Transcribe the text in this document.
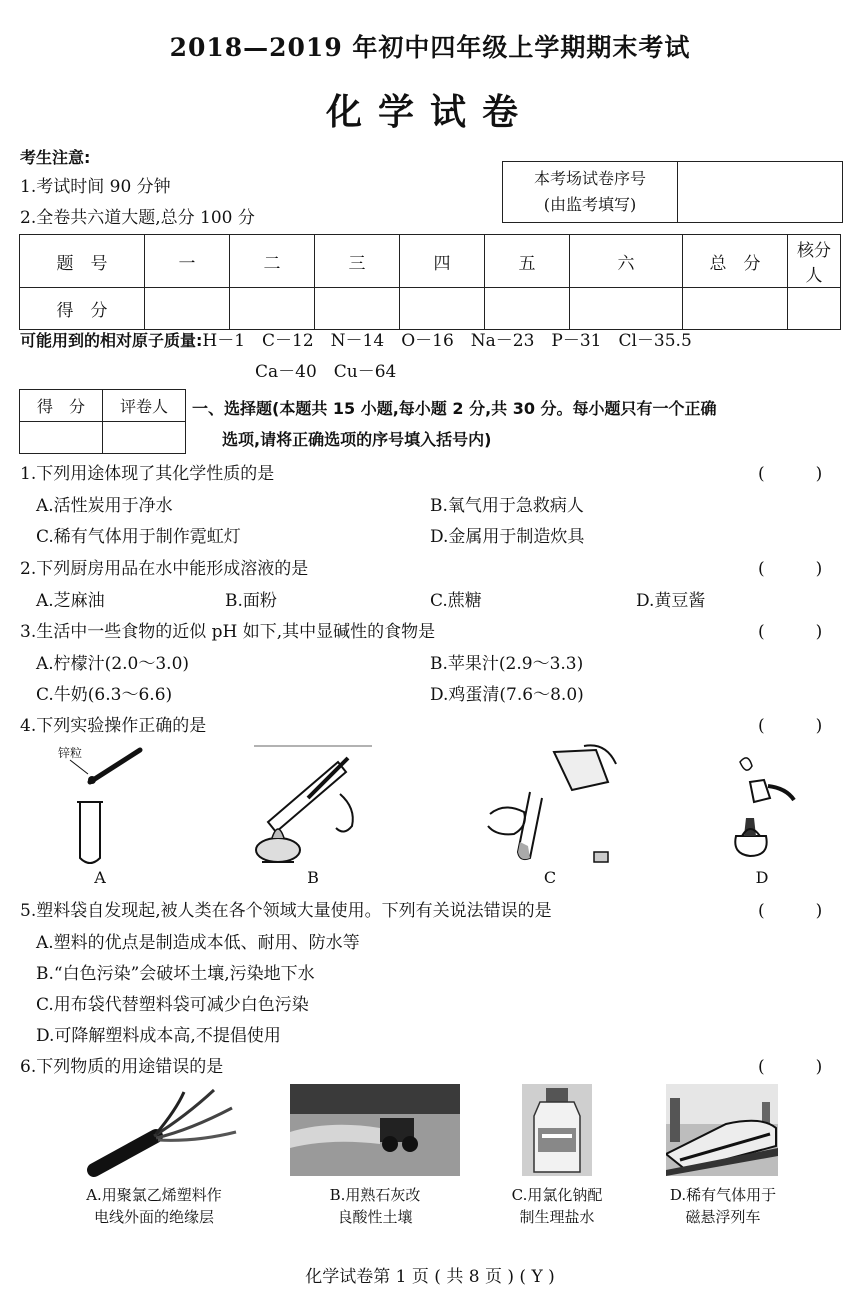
2018—2019 年初中四年级上学期期末考试
化学试卷
考生注意:
1.考试时间 90 分钟
2.全卷共六道大题,总分 100 分
本考场试卷序号
(由监考填写)

题　号	一	二	三	四	五	六	总　分	核分人
得　分								
可能用到的相对原子质量:H－1　C－12　N－14　O－16　Na－23　P－31　Cl－35.5
Ca－40　Cu－64
得　分	评卷人
	一、选择题(本题共 15 小题,每小题 2 分,共 30 分。每小题只有一个正确
选项,请将正确选项的序号填入括号内)
1.下列用途体现了其化学性质的是	(　　　)
A.活性炭用于净水	B.氧气用于急救病人
C.稀有气体用于制作霓虹灯	D.金属用于制造炊具
2.下列厨房用品在水中能形成溶液的是	(　　　)
A.芝麻油	B.面粉	C.蔗糖	D.黄豆酱
3.生活中一些食物的近似 pH 如下,其中显碱性的食物是	(　　　)
A.柠檬汁(2.0～3.0)	B.苹果汁(2.9～3.3)
C.牛奶(6.3～6.6)	D.鸡蛋清(7.6～8.0)
4.下列实验操作正确的是	(　　　)
锌粒
A	B	C	D
5.塑料袋自发现起,被人类在各个领域大量使用。下列有关说法错误的是	(　　　)
A.塑料的优点是制造成本低、耐用、防水等
B.“白色污染”会破坏土壤,污染地下水
C.用布袋代替塑料袋可减少白色污染
D.可降解塑料成本高,不提倡使用
6.下列物质的用途错误的是	(　　　)
A.用聚氯乙烯塑料作
电线外面的绝缘层
B.用熟石灰改
良酸性土壤
C.用氯化钠配
制生理盐水
D.稀有气体用于
磁悬浮列车
化学试卷第 1 页 ( 共 8 页 ) ( Y )
